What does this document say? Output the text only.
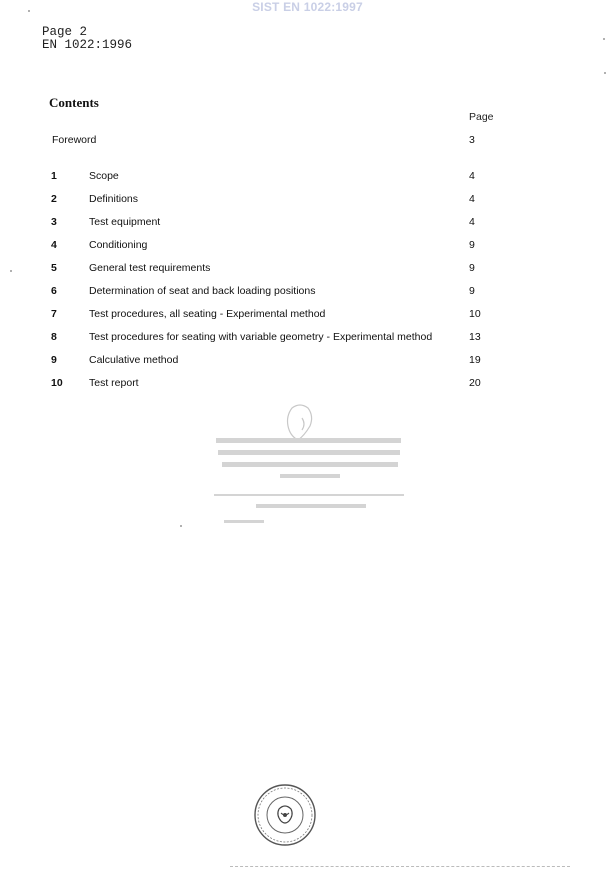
SIST EN 1022:1997
Page 2
EN 1022:1996
Contents
Page
Foreword	3
1	Scope	4
2	Definitions	4
3	Test equipment	4
4	Conditioning	9
5	General test requirements	9
6	Determination of seat and back loading positions	9
7	Test procedures, all seating - Experimental method	10
8	Test procedures for seating with variable geometry - Experimental method	13
9	Calculative method	19
10	Test report	20
